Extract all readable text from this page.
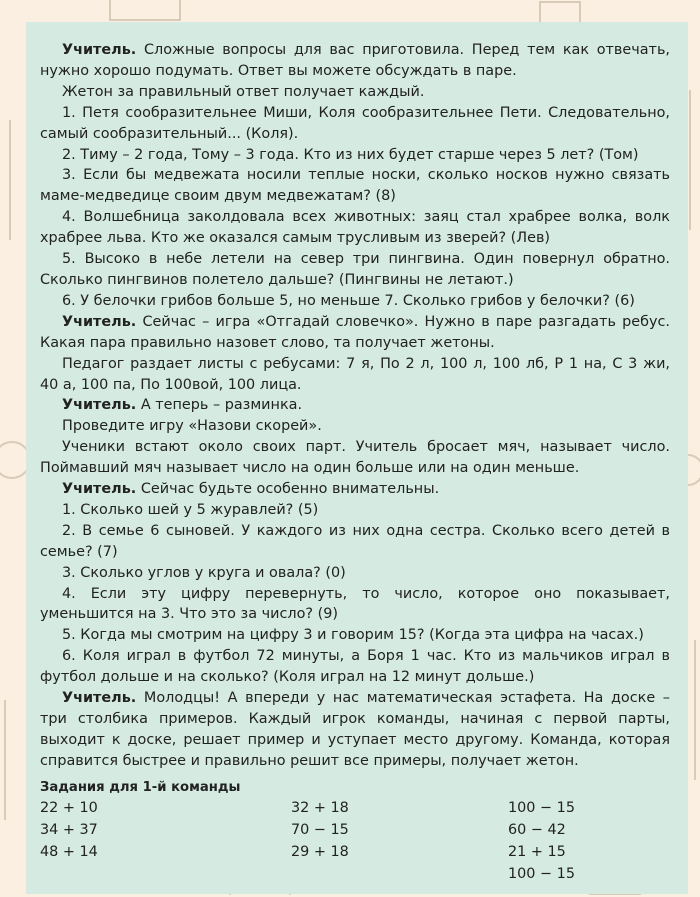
Учитель. Сложные вопросы для вас приготовила. Перед тем как отвечать, нужно хорошо подумать. Ответ вы можете обсуждать в паре.

Жетон за правильный ответ получает каждый.

1. Петя сообразительнее Миши, Коля сообразительнее Пети. Следовательно, самый сообразительный... (Коля).

2. Тиму – 2 года, Тому – 3 года. Кто из них будет старше через 5 лет? (Том)

3. Если бы медвежата носили теплые носки, сколько носков нужно связать маме-медведице своим двум медвежатам? (8)

4. Волшебница заколдовала всех животных: заяц стал храбрее волка, волк храбрее льва. Кто же оказался самым трусливым из зверей? (Лев)

5. Высоко в небе летели на север три пингвина. Один повернул обратно. Сколько пингвинов полетело дальше? (Пингвины не летают.)

6. У белочки грибов больше 5, но меньше 7. Сколько грибов у белочки? (6)

Учитель. Сейчас – игра «Отгадай словечко». Нужно в паре разгадать ребус. Какая пара правильно назовет слово, та получает жетоны.

Педагог раздает листы с ребусами: 7 я, По 2 л, 100 л, 100 лб, Р 1 на, С 3 жи, 40 а, 100 па, По 100вой, 100 лица.

Учитель. А теперь – разминка.

Проведите игру «Назови скорей».

Ученики встают около своих парт. Учитель бросает мяч, называет число. Поймавший мяч называет число на один больше или на один меньше.

Учитель. Сейчас будьте особенно внимательны.

1. Сколько шей у 5 журавлей? (5)

2. В семье 6 сыновей. У каждого из них одна сестра. Сколько всего детей в семье? (7)

3. Сколько углов у круга и овала? (0)

4. Если эту цифру перевернуть, то число, которое оно показывает, уменьшится на 3. Что это за число? (9)

5. Когда мы смотрим на цифру 3 и говорим 15? (Когда эта цифра на часах.)

6. Коля играл в футбол 72 минуты, а Боря 1 час. Кто из мальчиков играл в футбол дольше и на сколько? (Коля играл на 12 минут дольше.)

Учитель. Молодцы! А впереди у нас математическая эстафета. На доске – три столбика примеров. Каждый игрок команды, начиная с первой парты, выходит к доске, решает пример и уступает место другому. Команда, которая справится быстрее и правильно решит все примеры, получает жетон.

Задания для 1-й команды
22 + 10
34 + 37
48 + 14
32 + 18
70 − 15
29 + 18
100 − 15
60 − 42
21 + 15
100 − 15
